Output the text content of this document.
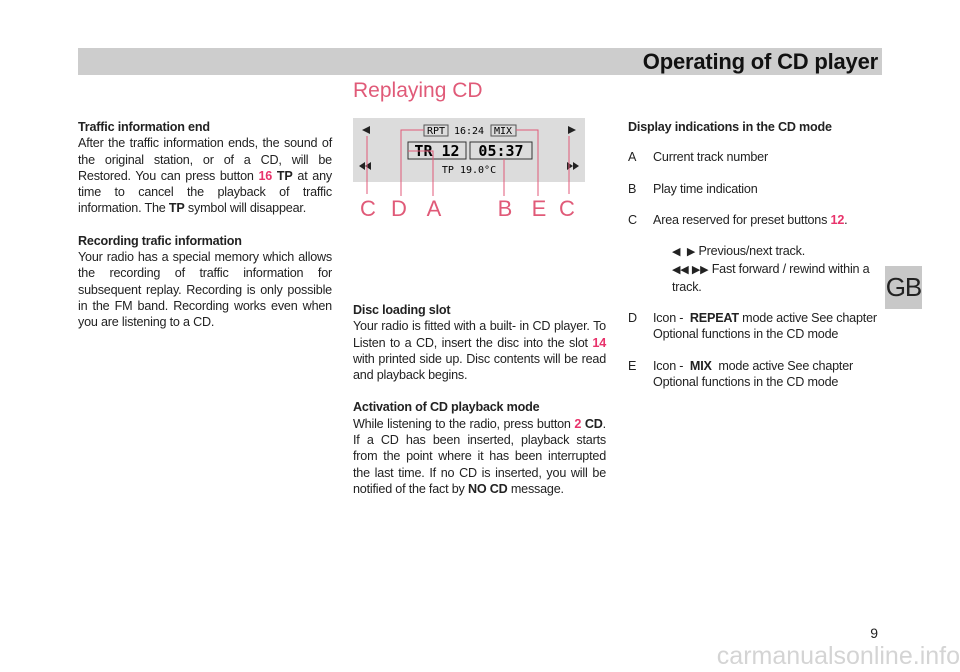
Operating of CD player
Replaying CD

Traffic information end

After the traffic information ends, the sound of the original station, or of a CD, will be Restored. You can press button 16 TP at any time to cancel the playback of traffic information. The TP symbol will disappear.

Recording trafic information

Your radio has a special memory which allows the recording of traffic information for subsequent replay. Recording is only possible in the FM band. Recording works even when you are listening to a CD.

RPT 16:24 MIX
TR 12 05:37
TP 19.0°C
C D A	B E C

Disc loading slot

Your radio is fitted with a built- in CD player. To Listen to a CD, insert the disc into the slot 14 with printed side up. Disc contents will be read and playback begins.

Activation of CD playback mode

While listening to the radio, press button 2 CD. If a CD has been inserted, playback starts from the point where it has been interrupted the last time. If no CD is inserted, you will be notified of the fact by NO CD message.

Display indications in the CD mode

A	Current track number
B	Play time indication
C	Area reserved for preset buttons 12.
◀ ▶ Previous/next track.
◀◀ ▶▶ Fast forward / rewind within a track.
D	Icon - REPEAT mode active See chapter
Optional functions in the CD mode
E	Icon - MIX mode active See chapter
Optional functions in the CD mode
GB
9
carmanualsonline.info
